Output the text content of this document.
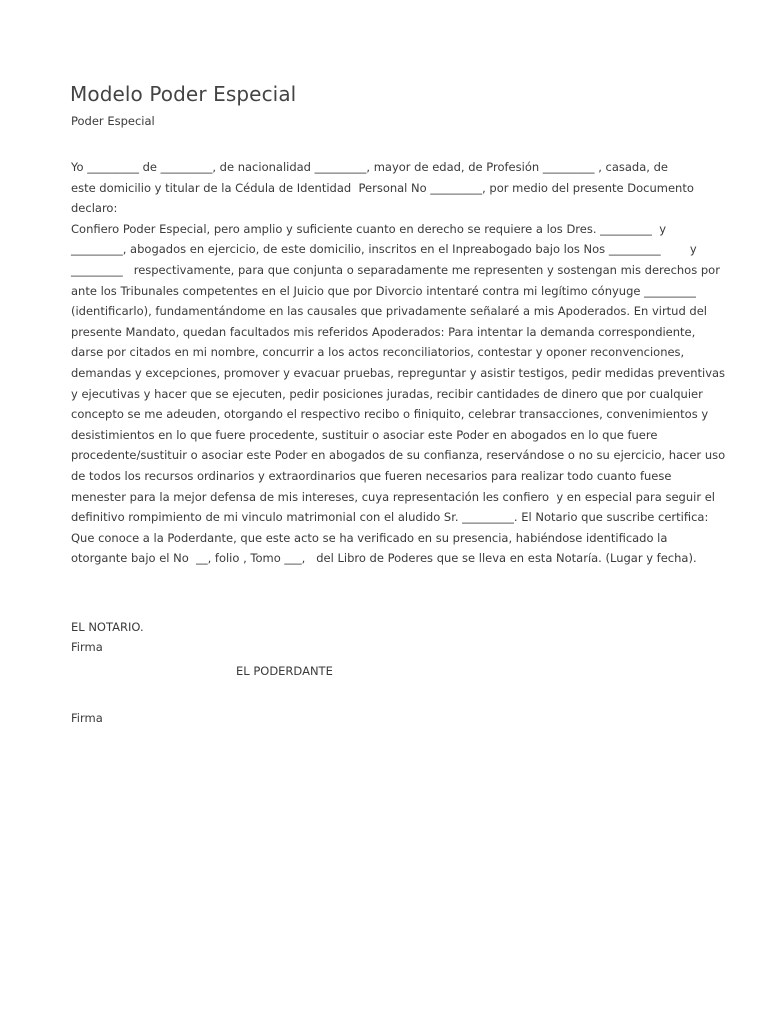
Modelo Poder Especial

Poder Especial

Yo _________ de _________, de nacionalidad _________, mayor de edad, de Profesión _________ , casada, de
este domicilio y titular de la Cédula de Identidad  Personal No _________, por medio del presente Documento
declaro:
Confiero Poder Especial, pero amplio y suficiente cuanto en derecho se requiere a los Dres. _________  y
_________, abogados en ejercicio, de este domicilio, inscritos en el Inpreabogado bajo los Nos _________        y
_________   respectivamente, para que conjunta o separadamente me representen y sostengan mis derechos por
ante los Tribunales competentes en el Juicio que por Divorcio intentaré contra mi legítimo cónyuge _________
(identificarlo), fundamentándome en las causales que privadamente señalaré a mis Apoderados. En virtud del
presente Mandato, quedan facultados mis referidos Apoderados: Para intentar la demanda correspondiente,
darse por citados en mi nombre, concurrir a los actos reconciliatorios, contestar y oponer reconvenciones,
demandas y excepciones, promover y evacuar pruebas, repreguntar y asistir testigos, pedir medidas preventivas
y ejecutivas y hacer que se ejecuten, pedir posiciones juradas, recibir cantidades de dinero que por cualquier
concepto se me adeuden, otorgando el respectivo recibo o finiquito, celebrar transacciones, convenimientos y
desistimientos en lo que fuere procedente, sustituir o asociar este Poder en abogados en lo que fuere
procedente/sustituir o asociar este Poder en abogados de su confianza, reservándose o no su ejercicio, hacer uso
de todos los recursos ordinarios y extraordinarios que fueren necesarios para realizar todo cuanto fuese
menester para la mejor defensa de mis intereses, cuya representación les confiero  y en especial para seguir el
definitivo rompimiento de mi vinculo matrimonial con el aludido Sr. _________. El Notario que suscribe certifica:
Que conoce a la Poderdante, que este acto se ha verificado en su presencia, habiéndose identificado la
otorgante bajo el No  __, folio , Tomo ___,   del Libro de Poderes que se lleva en esta Notaría. (Lugar y fecha).
EL NOTARIO.
Firma
EL PODERDANTE
Firma
